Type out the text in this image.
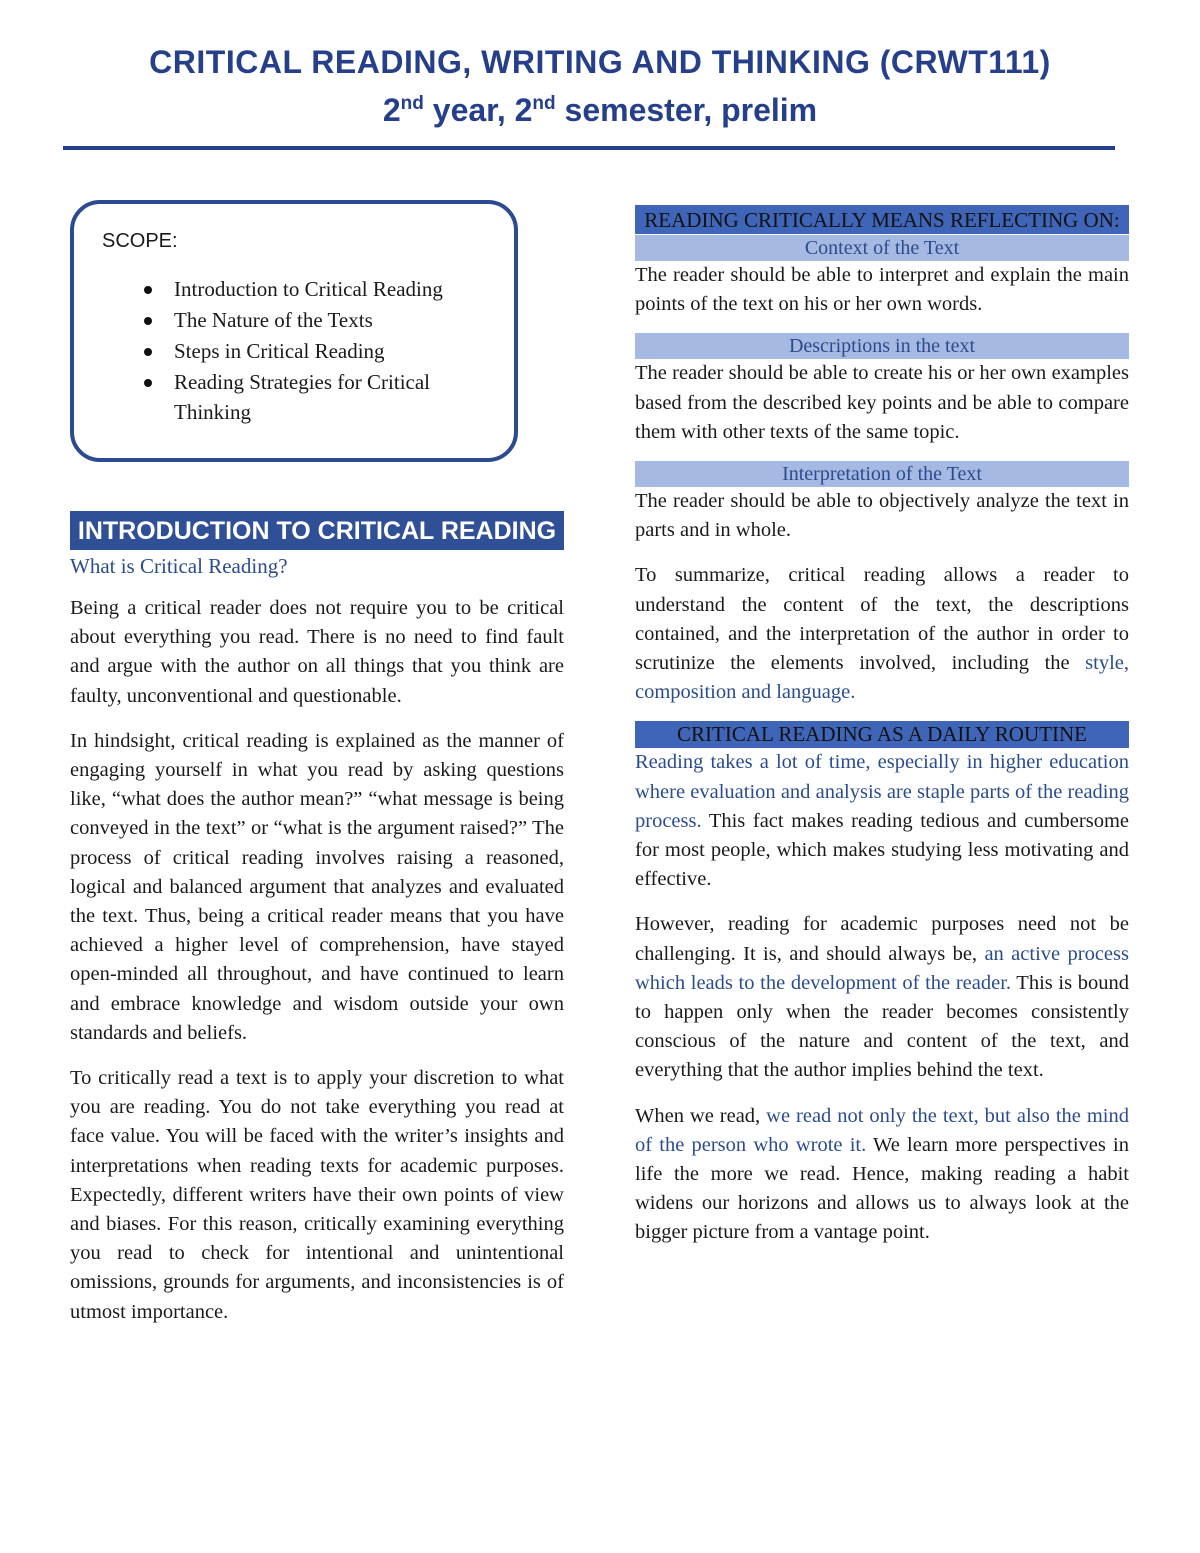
CRITICAL READING, WRITING AND THINKING (CRWT111)
2nd year, 2nd semester, prelim
SCOPE:
Introduction to Critical Reading
The Nature of the Texts
Steps in Critical Reading
Reading Strategies for Critical Thinking
INTRODUCTION TO CRITICAL READING
What is Critical Reading?

Being a critical reader does not require you to be critical about everything you read. There is no need to find fault and argue with the author on all things that you think are faulty, unconventional and questionable.

In hindsight, critical reading is explained as the manner of engaging yourself in what you read by asking questions like, “what does the author mean?” “what message is being conveyed in the text” or “what is the argument raised?” The process of critical reading involves raising a reasoned, logical and balanced argument that analyzes and evaluated the text. Thus, being a critical reader means that you have achieved a higher level of comprehension, have stayed open-minded all throughout, and have continued to learn and embrace knowledge and wisdom outside your own standards and beliefs.

To critically read a text is to apply your discretion to what you are reading. You do not take everything you read at face value. You will be faced with the writer’s insights and interpretations when reading texts for academic purposes. Expectedly, different writers have their own points of view and biases. For this reason, critically examining everything you read to check for intentional and unintentional omissions, grounds for arguments, and inconsistencies is of utmost importance.

READING CRITICALLY MEANS REFLECTING ON:
Context of the Text

The reader should be able to interpret and explain the main points of the text on his or her own words.

Descriptions in the text

The reader should be able to create his or her own examples based from the described key points and be able to compare them with other texts of the same topic.

Interpretation of the Text

The reader should be able to objectively analyze the text in parts and in whole.

To summarize, critical reading allows a reader to understand the content of the text, the descriptions contained, and the interpretation of the author in order to scrutinize the elements involved, including the style, composition and language.

CRITICAL READING AS A DAILY ROUTINE

Reading takes a lot of time, especially in higher education where evaluation and analysis are staple parts of the reading process. This fact makes reading tedious and cumbersome for most people, which makes studying less motivating and effective.

However, reading for academic purposes need not be challenging. It is, and should always be, an active process which leads to the development of the reader. This is bound to happen only when the reader becomes consistently conscious of the nature and content of the text, and everything that the author implies behind the text.

When we read, we read not only the text, but also the mind of the person who wrote it. We learn more perspectives in life the more we read. Hence, making reading a habit widens our horizons and allows us to always look at the bigger picture from a vantage point.
